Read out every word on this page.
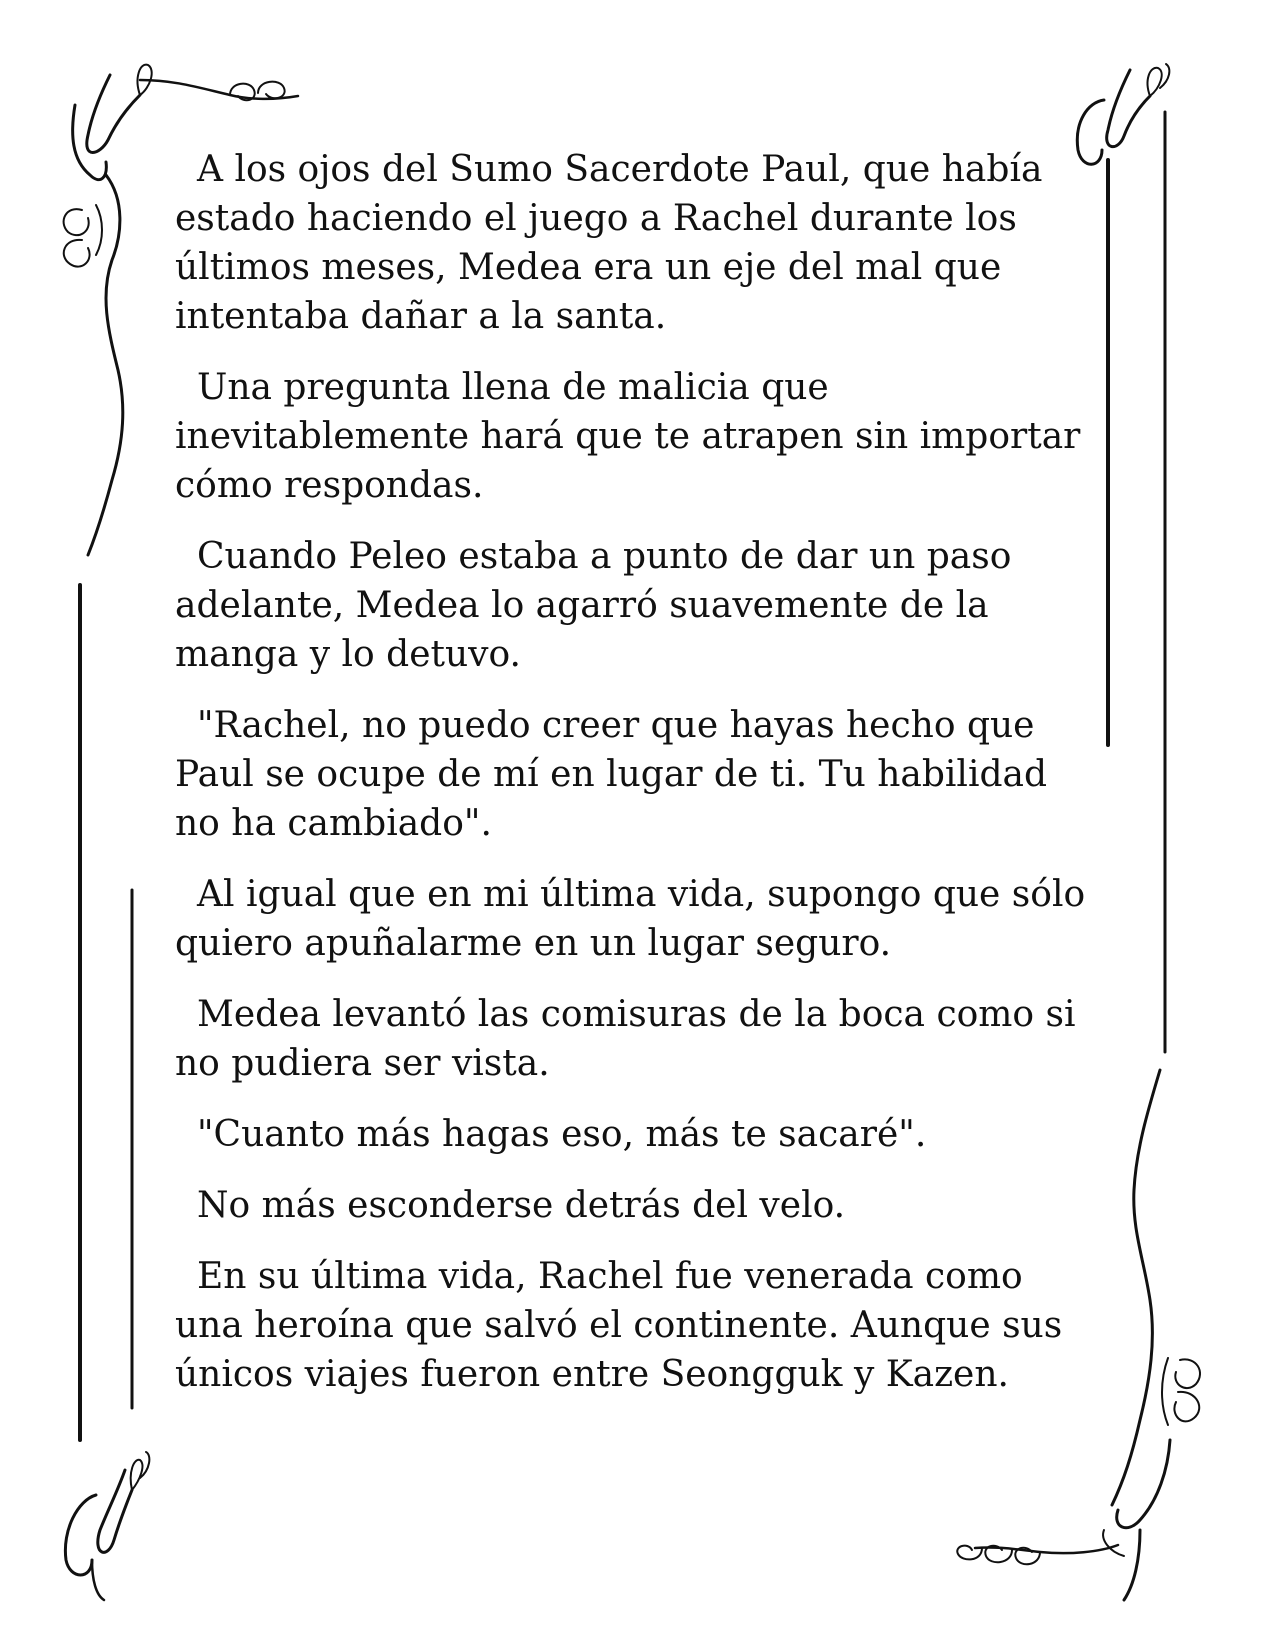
A los ojos del Sumo Sacerdote Paul, que había estado haciendo el juego a Rachel durante los últimos meses, Medea era un eje del mal que intentaba dañar a la santa.

Una pregunta llena de malicia que inevitablemente hará que te atrapen sin importar cómo respondas.

Cuando Peleo estaba a punto de dar un paso adelante, Medea lo agarró suavemente de la manga y lo detuvo.

"Rachel, no puedo creer que hayas hecho que Paul se ocupe de mí en lugar de ti. Tu habilidad no ha cambiado".

Al igual que en mi última vida, supongo que sólo quiero apuñalarme en un lugar seguro.

Medea levantó las comisuras de la boca como si no pudiera ser vista.

"Cuanto más hagas eso, más te sacaré".

No más esconderse detrás del velo.

En su última vida, Rachel fue venerada como una heroína que salvó el continente. Aunque sus únicos viajes fueron entre Seongguk y Kazen.
